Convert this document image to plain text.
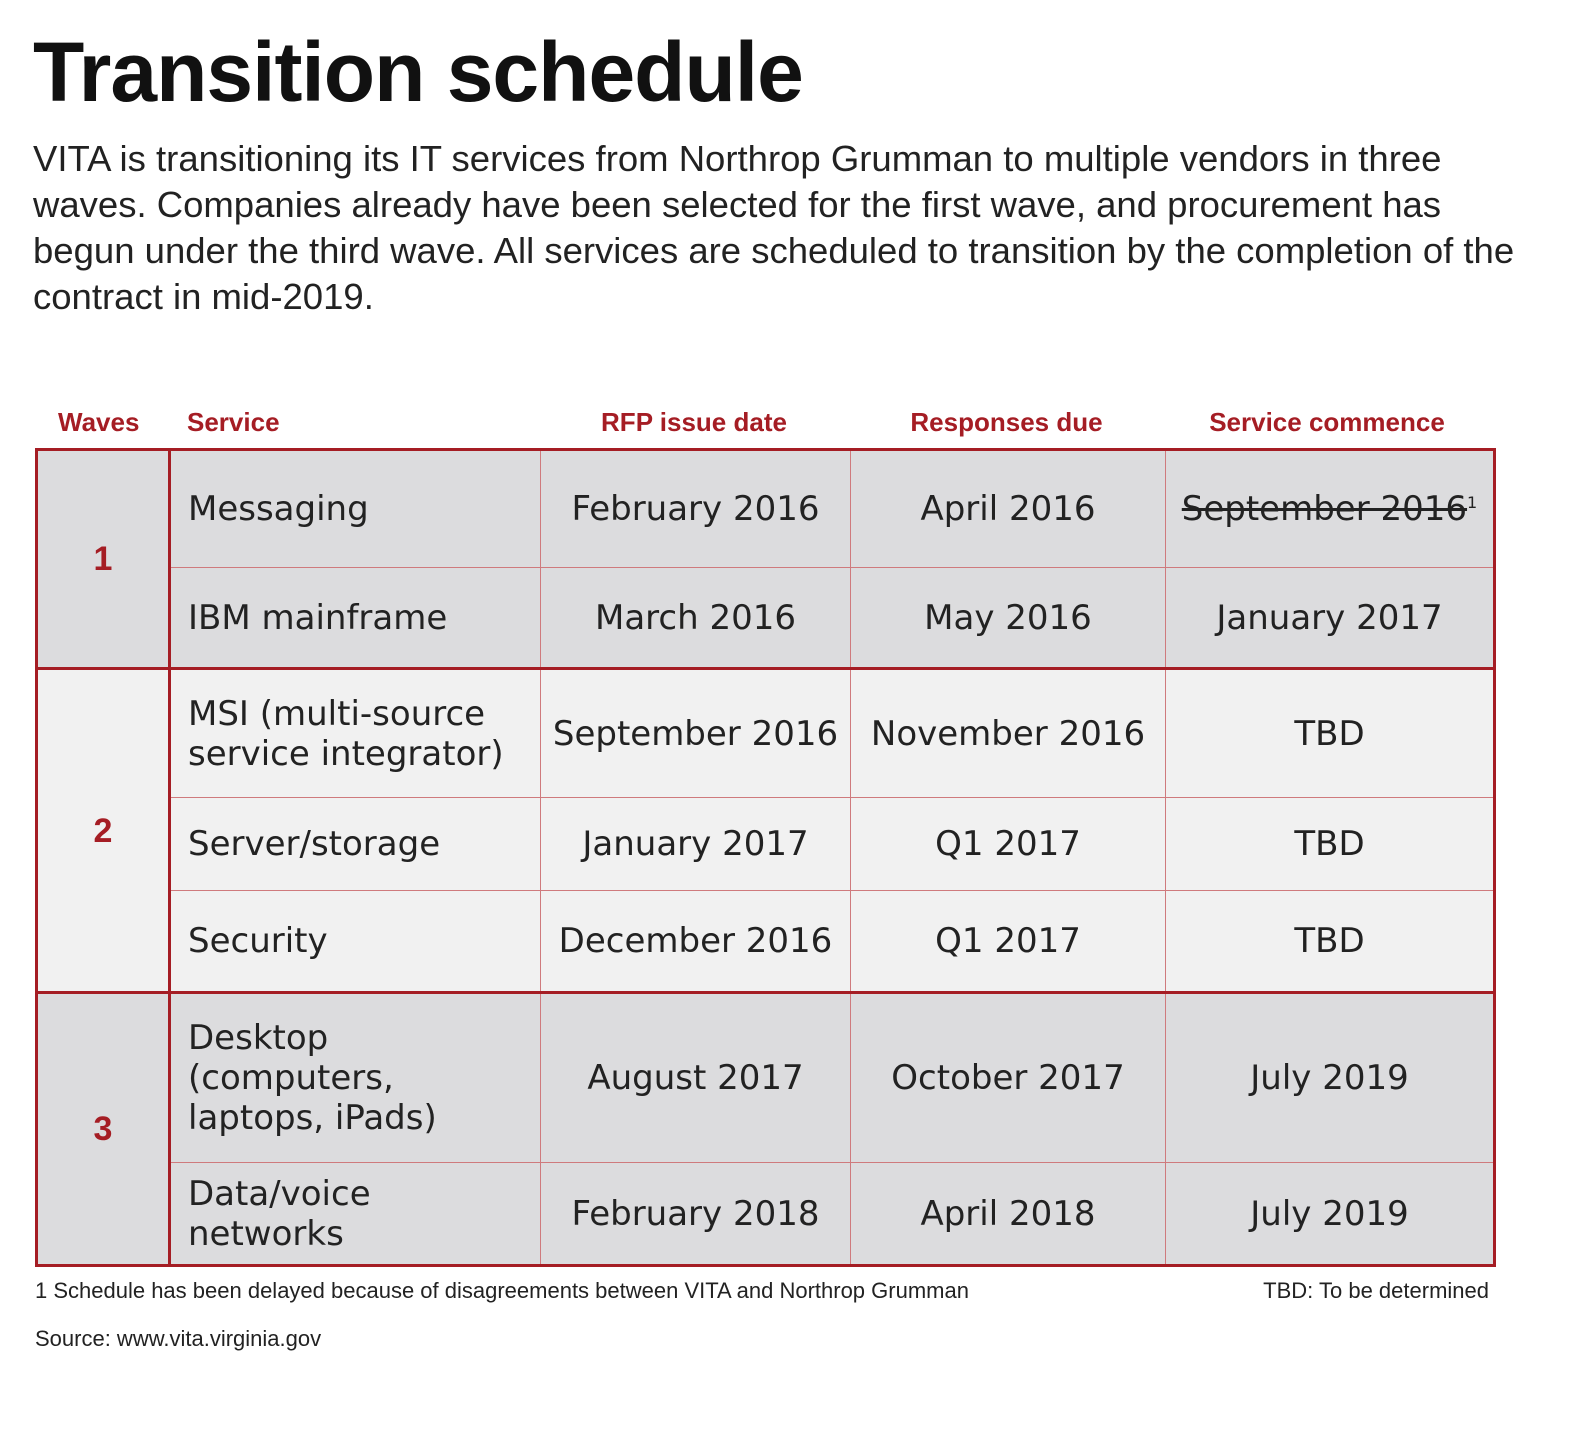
Transition schedule
VITA is transitioning its IT services from Northrop Grumman to multiple vendors in three waves. Companies already have been selected for the first wave, and procurement has begun under the third wave. All services are scheduled to transition by the completion of the contract in mid-2019.
Waves Service	RFP issue date	Responses due	Service commence
1	Messaging	February 2016	April 2016	September 2016$^1$
	IBM mainframe	March 2016	May 2016	January 2017
2	MSI (multi-source service integrator)	September 2016	November 2016	TBD
	Server/storage	January 2017	Q1 2017	TBD
	Security	December 2016	Q1 2017	TBD
3	Desktop (computers, laptops, iPads)	August 2017	October 2017	July 2019
	Data/voice networks	February 2018	April 2018	July 2019
1 Schedule has been delayed because of disagreements between VITA and Northrop Grumman	TBD: To be determined
Source: www.vita.virginia.gov
